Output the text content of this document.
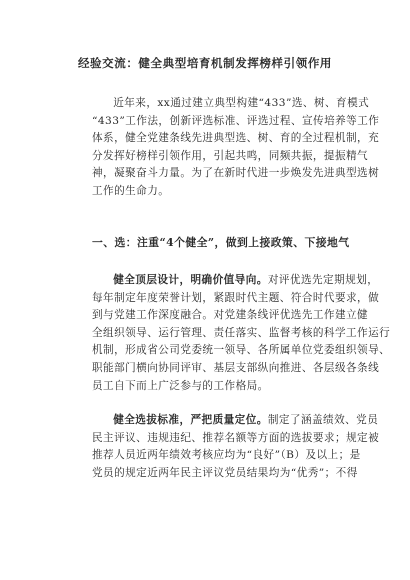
经验交流：健全典型培育机制发挥榜样引领作用
近年来，xx通过建立典型构建“433”选、树、育模式
“433”工作法，创新评选标准、评选过程、宣传培养等工作
体系，健全党建条线先进典型选、树、育的全过程机制，充
分发挥好榜样引领作用，引起共鸣，同频共振，提振精气
神，凝聚奋斗力量。为了在新时代进一步焕发先进典型选树
工作的生命力。
一、选：注重“4个健全”，做到上接政策、下接地气
健全顶层设计，明确价值导向。对评优选先定期规划，
每年制定年度荣誉计划，紧跟时代主题、符合时代要求，做
到与党建工作深度融合。对党建条线评优选先工作建立健
全组织领导、运行管理、责任落实、监督考核的科学工作运行
机制，形成省公司党委统一领导、各所属单位党委组织领导、
职能部门横向协同评审、基层支部纵向推进、各层级各条线
员工自下而上广泛参与的工作格局。
健全选拔标准，严把质量定位。制定了涵盖绩效、党员
民主评议、违规违纪、推荐名额等方面的选拔要求；规定被
推荐人员近两年绩效考核应均为“良好”（B）及以上；是
党员的规定近两年民主评议党员结果均为“优秀”；不得
